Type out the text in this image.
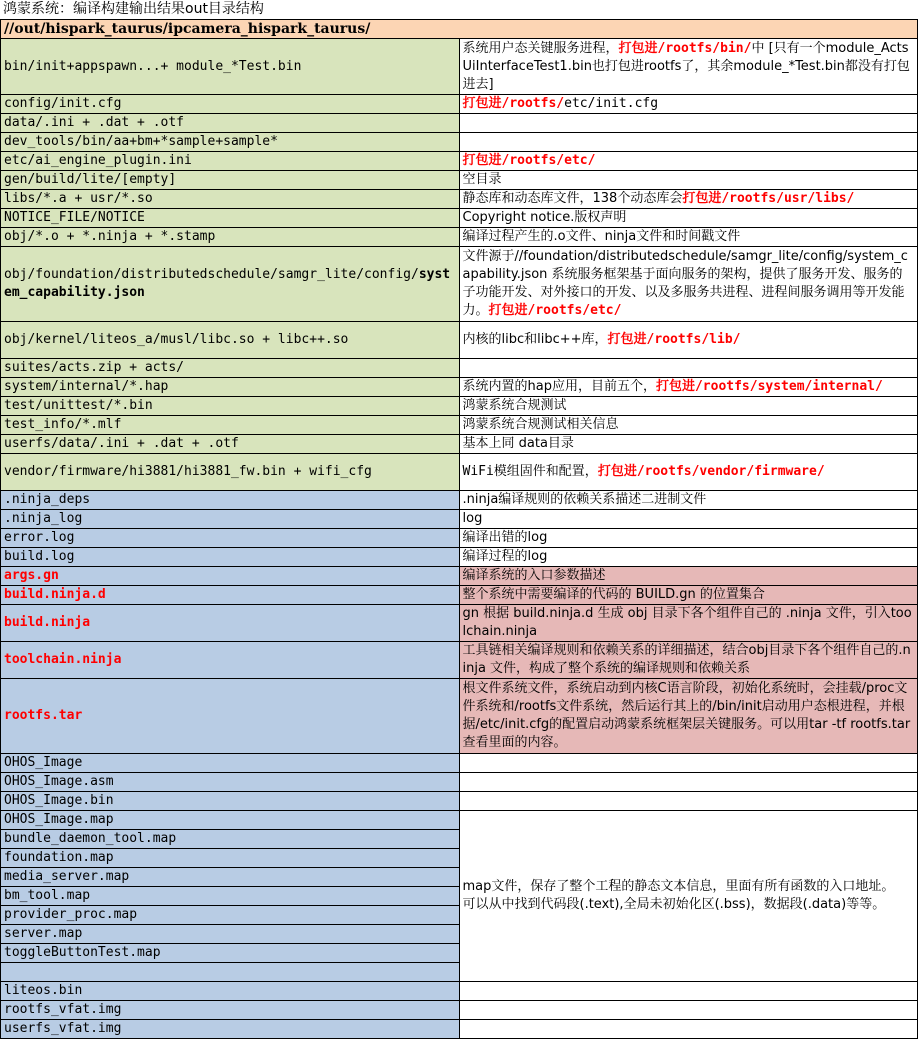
鸿蒙系统：编译构建输出结果out目录结构
//out/hispark_taurus/ipcamera_hispark_taurus/	
bin/init+appspawn...+ module_*Test.bin	系统用户态关键服务进程，打包进/rootfs/bin/中 [只有一个module_ActsUiInterfaceTest1.bin也打包进rootfs了，其余module_*Test.bin都没有打包进去]
config/init.cfg	打包进/rootfs/etc/init.cfg
data/.ini + .dat + .otf	
dev_tools/bin/aa+bm+*sample+sample*	
etc/ai_engine_plugin.ini	打包进/rootfs/etc/
gen/build/lite/[empty]	空目录
libs/*.a + usr/*.so	静态库和动态库文件，138个动态库会打包进/rootfs/usr/libs/
NOTICE_FILE/NOTICE	Copyright notice.版权声明
obj/*.o + *.ninja + *.stamp	编译过程产生的.o文件、ninja文件和时间戳文件
obj/foundation/distributedschedule/samgr_lite/config/system_capability.json	文件源于//foundation/distributedschedule/samgr_lite/config/system_capability.json 系统服务框架基于面向服务的架构，提供了服务开发、服务的子功能开发、对外接口的开发、以及多服务共进程、进程间服务调用等开发能力。打包进/rootfs/etc/
obj/kernel/liteos_a/musl/libc.so + libc++.so	内核的libc和libc++库，打包进/rootfs/lib/
suites/acts.zip + acts/	
system/internal/*.hap	系统内置的hap应用，目前五个，打包进/rootfs/system/internal/
test/unittest/*.bin	鸿蒙系统合规测试
test_info/*.mlf	鸿蒙系统合规测试相关信息
userfs/data/.ini + .dat + .otf	基本上同 data目录
vendor/firmware/hi3881/hi3881_fw.bin + wifi_cfg	WiFi模组固件和配置，打包进/rootfs/vendor/firmware/
.ninja_deps	.ninja编译规则的依赖关系描述二进制文件
.ninja_log	log
error.log	编译出错的log
build.log	编译过程的log
args.gn	编译系统的入口参数描述
build.ninja.d	整个系统中需要编译的代码的 BUILD.gn 的位置集合
build.ninja	gn 根据 build.ninja.d 生成 obj 目录下各个组件自己的 .ninja 文件，引入toolchain.ninja
toolchain.ninja	工具链相关编译规则和依赖关系的详细描述，结合obj目录下各个组件自己的.ninja 文件，构成了整个系统的编译规则和依赖关系
rootfs.tar	根文件系统文件，系统启动到内核C语言阶段，初始化系统时，会挂载/proc文件系统和/rootfs文件系统，然后运行其上的/bin/init启动用户态根进程，并根据/etc/init.cfg的配置启动鸿蒙系统框架层关键服务。可以用tar -tf rootfs.tar查看里面的内容。
OHOS_Image	
OHOS_Image.asm	
OHOS_Image.bin	
OHOS_Image.map	map文件，保存了整个工程的静态文本信息，里面有所有函数的入口地址。
可以从中找到代码段(.text),全局未初始化区(.bss)，数据段(.data)等等。

bundle_daemon_tool.map	
foundation.map	
media_server.map	
bm_tool.map	
provider_proc.map	
server.map	
toggleButtonTest.map	

liteos.bin	
rootfs_vfat.img	
userfs_vfat.img	
